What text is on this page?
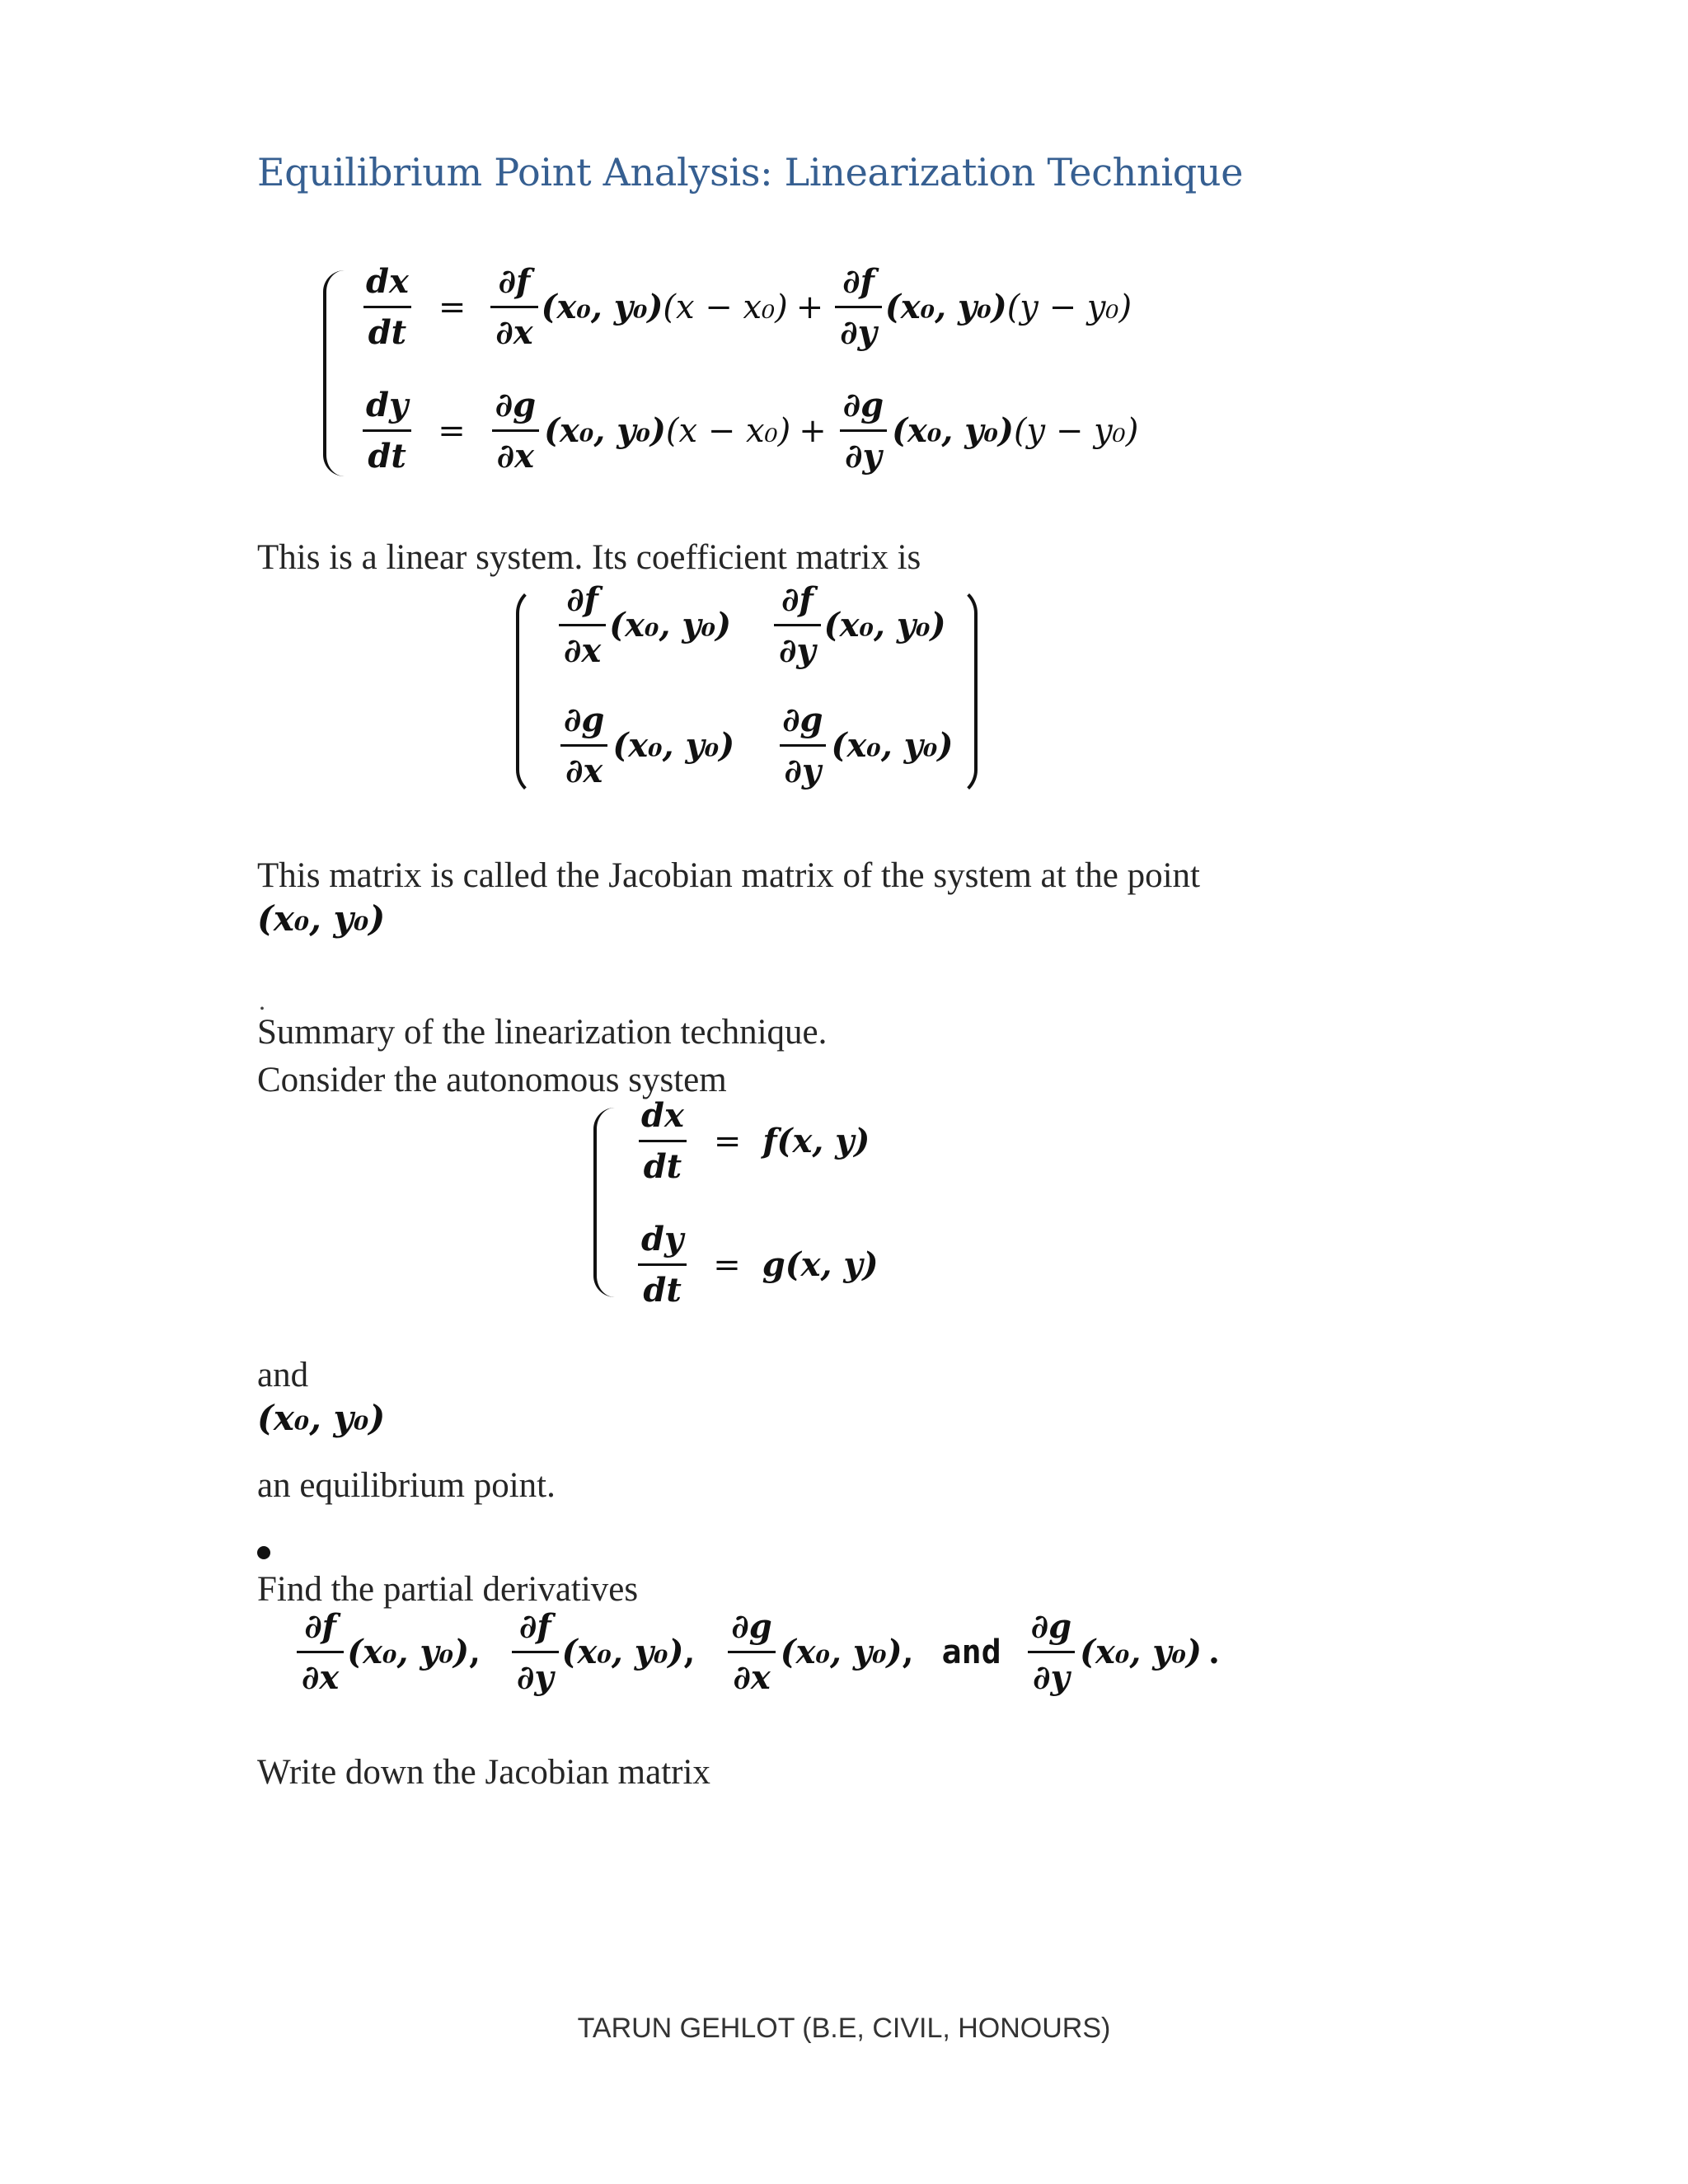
Equilibrium Point Analysis: Linearization Technique
$\frac{dx}{dt} = \frac{\partial f}{\partial x} (x_0$, y₀) $(x - x_0) + \frac{\partial f}{\partial y} (x_0$, y₀) (y − y₀)
$\frac{dy}{dt} = \frac{\partial g}{\partial x} (x_0$, y₀) $(x - x_0) + \frac{\partial g}{\partial y} (x_0$, y₀) (y − y₀)
This is a linear system. Its coefficient matrix is
$\frac{\partial f}{\partial x} (x_0$, $y_0) \frac{\partial f}{\partial y} (x_0$, y₀)
$\frac{\partial g}{\partial x} (x_0$, $y_0) \frac{\partial g}{\partial y} (x_0$, y₀)
This matrix is called the Jacobian matrix of the system at the point
(x₀, y₀)
.
Summary of the linearization technique.
Consider the autonomous system
$\frac{dx}{dt} = f(x$, y)
$\frac{dy}{dt} = g(x$, y)
and
(x₀, y₀)
an equilibrium point.
Find the partial derivatives
$\frac{\partial f}{\partial x} (x_0$, y₀) , $\frac{\partial f}{\partial y} (x_0$, y₀) , $\frac{\partial g}{\partial x} (x_0$, y₀) , and $\frac{\partial g}{\partial y} (x_0$, y₀) .
Write down the Jacobian matrix
TARUN GEHLOT (B.E, CIVIL, HONOURS)
